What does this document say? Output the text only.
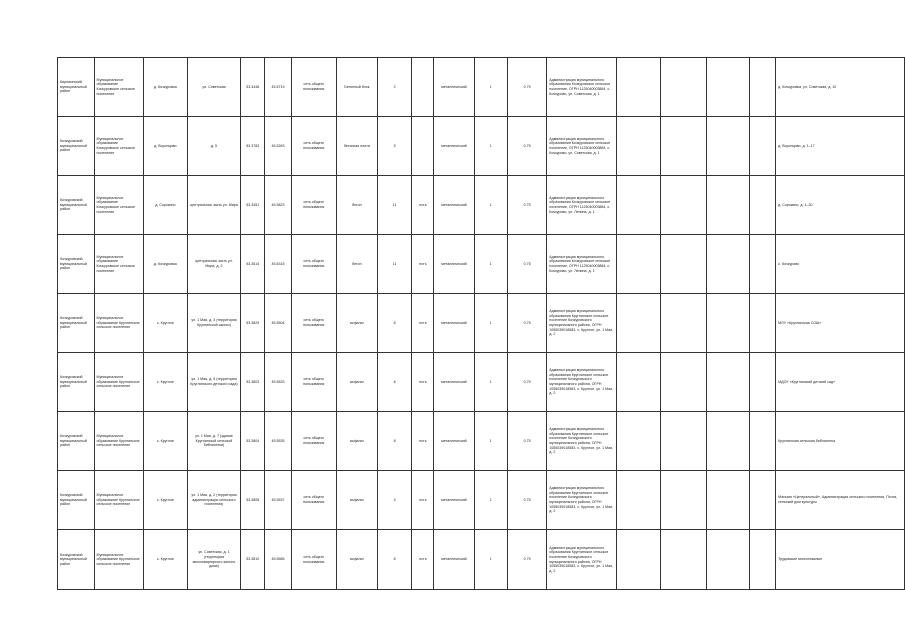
Кирюхинский муниципальный район	Муниципальное образование Кочкуровское сельское поселение	д. Кочкуровка	ул. Советская	53.3448	45.5719	сеть общего пользования	Бетонный блок	2		металлический	1	0.75	Администрация муниципального образования Кочкуровское сельское поселение, ОГРН 1125040003884, с. Кочкурово, ул. Советская, д. 1					д. Кочкуровка, ул. Советская, д. 10
Кочкуровский муниципальный район	Муниципальное образование Кочкуровское сельское поселение	д. Воронцово	д. 5	53.3783	45.5263	сеть общего пользования	бетонная плита	5		металлический	1	0.75	Администрация муниципального образования Кочкуровское сельское поселение, ОГРН 1125040003884, с. Кочкурово, ул. Советская, д. 1					д. Воронцово, д. 1–17
Кочкуровский муниципальный район	Муниципальное образование Кочкуровское сельское поселение	д. Сорокино	центральная часть ул. Мира	53.3451	45.5823	сеть общего пользования	бетон	11	есть	металлический	1	0.75	Администрация муниципального образования Кочкуровское сельское поселение, ОГРН 1125040003884, с. Кочкурово, ул. Ленина, д. 1					д. Сорокино, д. 1–30
Кочкуровский муниципальный район	Муниципальное образование Кочкуровское сельское поселение	д. Кочкуровка	центральная часть ул. Мира, д. 2	53.3614	45.6315	сеть общего пользования	бетон	11	есть	металлический	1	0.75	Администрация муниципального образования Кочкуровское сельское поселение, ОГРН 1125040003884, с. Кочкурово, ул. Ленина, д. 1					с. Кочкурово
Кочкуровский муниципальный район	Муниципальное образование Круглинское сельское поселение	с. Круглое	ул. 1 Мая, д. 3 (территория Круглинской школы)	53.3829	45.5504	сеть общего пользования	асфальт	8	есть	металлический	1	0.75	Администрация муниципального образования Круглинское сельское поселение Кочкуровского муниципального района, ОГРН 1055039018583, с. Круглое, ул. 1 Мая, д. 2					МОУ «Круглинская СОШ»
Кочкуровский муниципальный район	Муниципальное образование Круглинское сельское поселение	с. Круглое	ул. 1 Мая, д. 5 (территория Круглинского детского сада)	53.3802	45.5533	сеть общего пользования	асфальт	8	есть	металлический	1	0.75	Администрация муниципального образования Круглинское сельское поселение Кочкуровского муниципального района, ОГРН 1055039018583, с. Круглое, ул. 1 Мая, д. 2					МДОУ «Круглинский детский сад»
Кочкуровский муниципальный район	Муниципальное образование Круглинское сельское поселение	с. Круглое	ул. 1 Мая, д. 7 (здание Круглинской сельской библиотеки)	53.3804	45.5535	сеть общего пользования	асфальт	8	есть	металлический	1	0.75	Администрация муниципального образования Круглинское сельское поселение Кочкуровского муниципального района, ОГРН 1055039018583, с. Круглое, ул. 1 Мая, д. 2					Круглинская сельская библиотека
Кочкуровский муниципальный район	Муниципальное образование Круглинское сельское поселение	с. Круглое	ул. 1 Мая, д. 2 (территория администрации сельского поселения)	53.3808	45.5537	сеть общего пользования	асфальт	4	есть	металлический	1	0.75	Администрация муниципального образования Круглинское сельское поселение Кочкуровского муниципального района, ОГРН 1055039018583, с. Круглое, ул. 1 Мая, д. 2					Магазин «Центральный», Администрация сельского поселения, Почта, сельский дом культуры
Кочкуровский муниципальный район	Муниципальное образование Круглинское сельское поселение	с. Круглое	ул. Советская, д. 1 (территория многоквартирного жилого дома)	53.3810	45.5585	сеть общего пользования	асфальт	8	есть	металлический	1	0.75	Администрация муниципального образования Круглинское сельское поселение Кочкуровского муниципального района, ОГРН 1055039018583, с. Круглое, ул. 1 Мая, д. 2					Трудовские многоэтажные
